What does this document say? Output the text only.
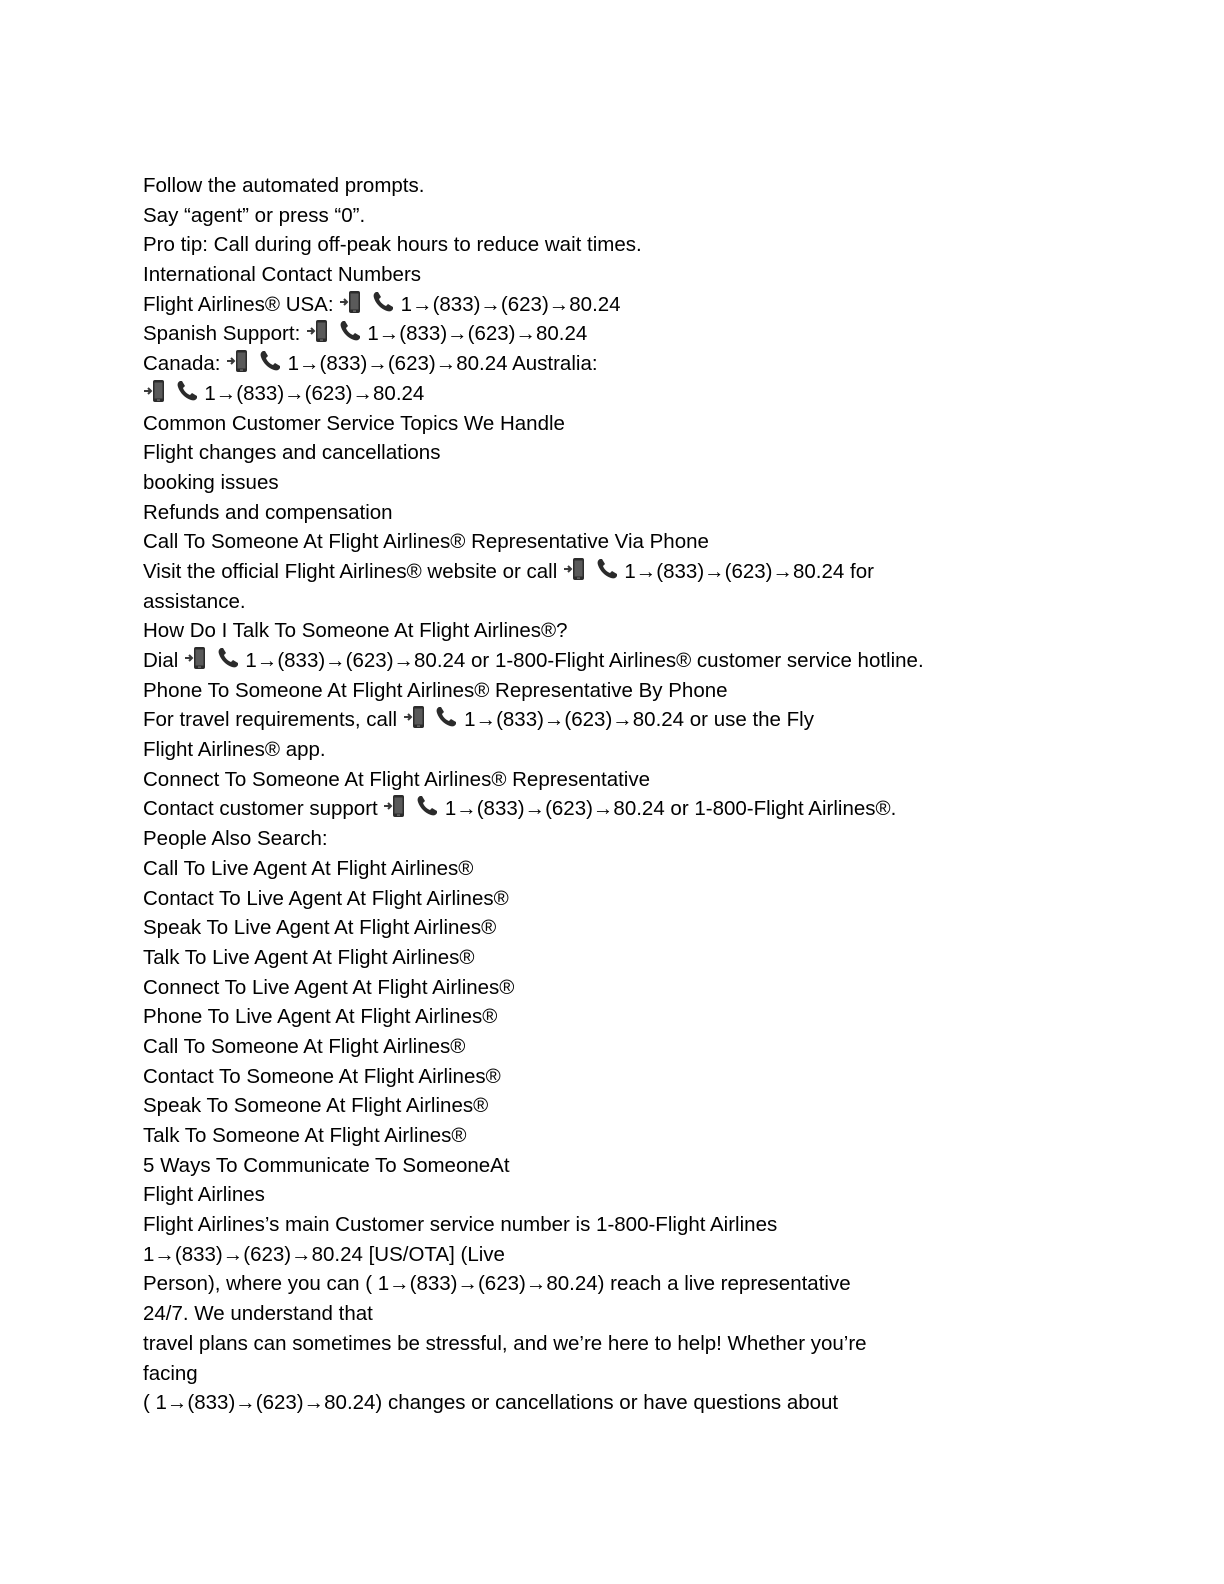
Follow the automated prompts.
Say “agent” or press “0”.
Pro tip: Call during off-peak hours to reduce wait times.
International Contact Numbers
Flight Airlines® USA:
	1→(833)→(623)→80.24
Spanish Support:
	1→(833)→(623)→80.24
Canada:
	1→(833)→(623)→80.24 Australia:

1→(833)→(623)→80.24
Common Customer Service Topics We Handle
Flight changes and cancellations
booking issues
Refunds and compensation
Call To Someone At Flight Airlines® Representative Via Phone
Visit the official Flight Airlines® website or call
	1→(833)→(623)→80.24 for
assistance.
How Do I Talk To Someone At Flight Airlines®?
Dial
	1→(833)→(623)→80.24 or 1-800-Flight Airlines® customer service hotline.
Phone To Someone At Flight Airlines® Representative By Phone
For travel requirements, call
	1→(833)→(623)→80.24 or use the Fly
Flight Airlines® app.
Connect To Someone At Flight Airlines® Representative
Contact customer support
	1→(833)→(623)→80.24 or 1-800-Flight Airlines®.
People Also Search:
Call To Live Agent At Flight Airlines®
Contact To Live Agent At Flight Airlines®
Speak To Live Agent At Flight Airlines®
Talk To Live Agent At Flight Airlines®
Connect To Live Agent At Flight Airlines®
Phone To Live Agent At Flight Airlines®
Call To Someone At Flight Airlines®
Contact To Someone At Flight Airlines®
Speak To Someone At Flight Airlines®
Talk To Someone At Flight Airlines®
5 Ways To Communicate To SomeoneAt
Flight Airlines
Flight Airlines’s main Customer service number is 1-800-Flight Airlines
1→(833)→(623)→80.24 [US/OTA] (Live
Person), where you can ( 1→(833)→(623)→80.24) reach a live representative
24/7. We understand that
travel plans can sometimes be stressful, and we’re here to help! Whether you’re
facing
( 1→(833)→(623)→80.24) changes or cancellations or have questions about
